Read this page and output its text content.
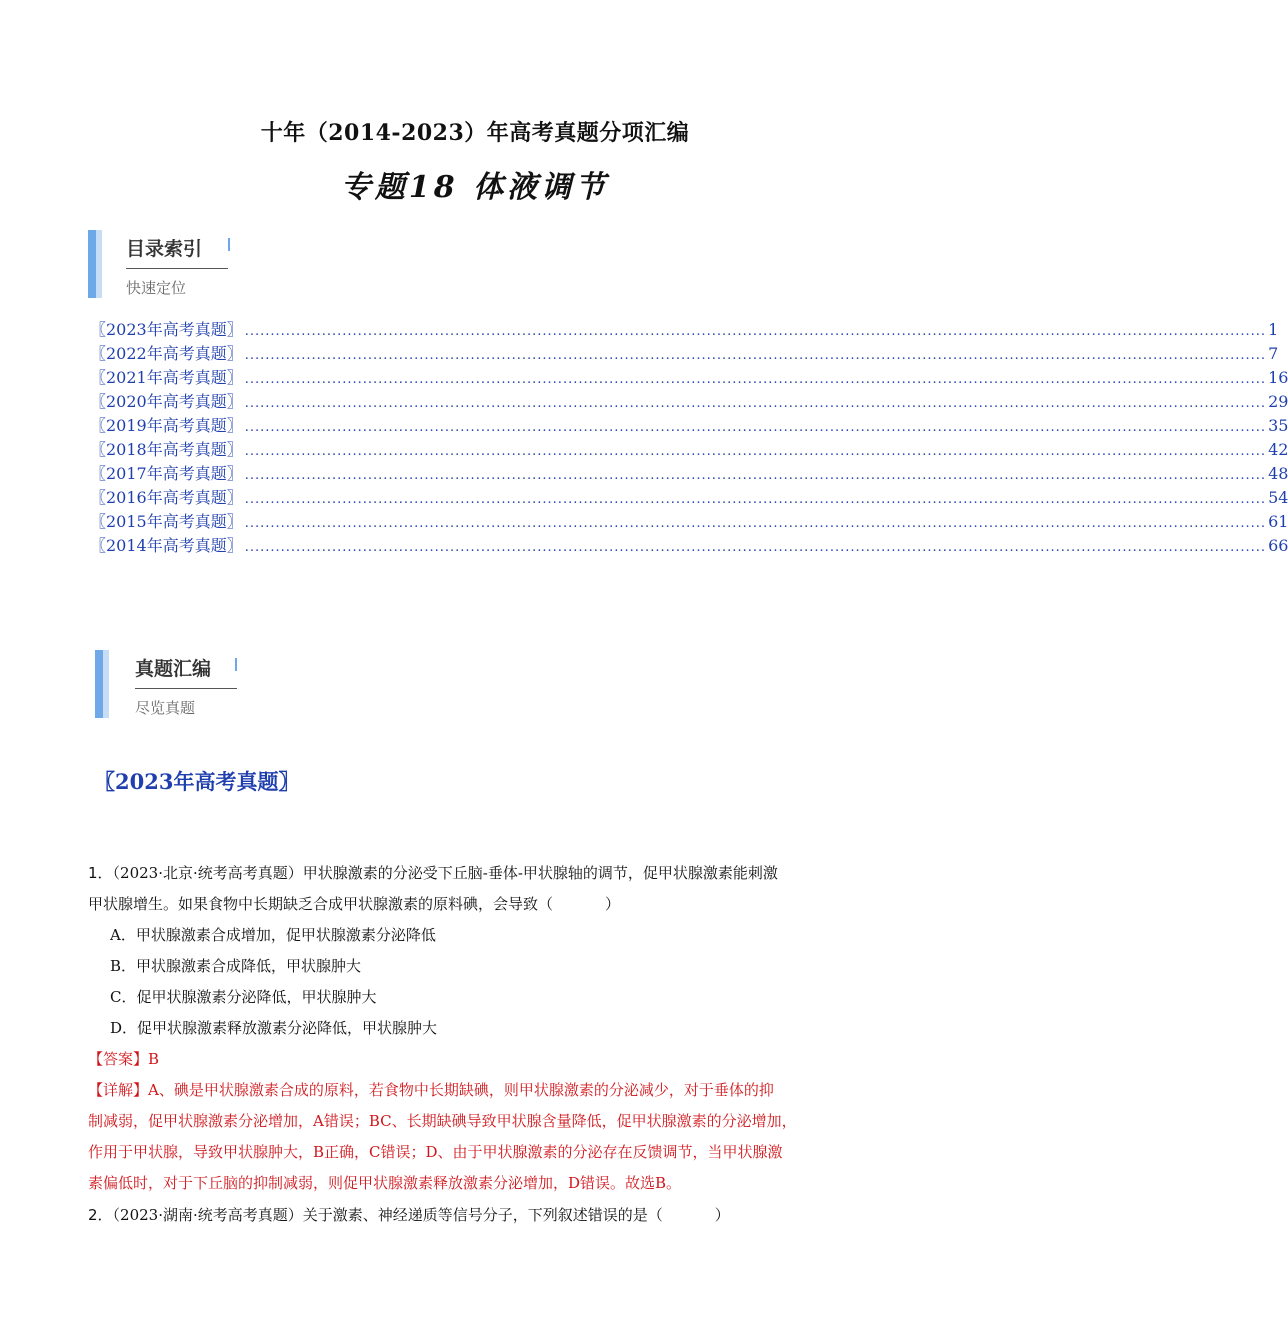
十年（2014-2023）年高考真题分项汇编
专题18 体液调节
目录索引
快速定位
〖2023年高考真题〗 ....................................................................................................................................................................................................... 1
〖2022年高考真题〗 ....................................................................................................................................................................................................... 7
〖2021年高考真题〗 ....................................................................................................................................................................................................... 16
〖2020年高考真题〗 ....................................................................................................................................................................................................... 29
〖2019年高考真题〗 ....................................................................................................................................................................................................... 35
〖2018年高考真题〗 ....................................................................................................................................................................................................... 42
〖2017年高考真题〗 ....................................................................................................................................................................................................... 48
〖2016年高考真题〗 ....................................................................................................................................................................................................... 54
〖2015年高考真题〗 ....................................................................................................................................................................................................... 61
〖2014年高考真题〗 ....................................................................................................................................................................................................... 66
真题汇编
尽览真题
〖2023年高考真题〗
1．（2023·北京·统考高考真题）甲状腺激素的分泌受下丘脑-垂体-甲状腺轴的调节，促甲状腺激素能刺激
甲状腺增生。如果食物中长期缺乏合成甲状腺激素的原料碘，会导致（	）
A．甲状腺激素合成增加，促甲状腺激素分泌降低
B．甲状腺激素合成降低，甲状腺肿大
C．促甲状腺激素分泌降低，甲状腺肿大
D．促甲状腺激素释放激素分泌降低，甲状腺肿大
【答案】B
【详解】A、碘是甲状腺激素合成的原料，若食物中长期缺碘，则甲状腺激素的分泌减少，对于垂体的抑
制减弱，促甲状腺激素分泌增加，A错误；BC、长期缺碘导致甲状腺含量降低，促甲状腺激素的分泌增加，
作用于甲状腺，导致甲状腺肿大，B正确，C错误；D、由于甲状腺激素的分泌存在反馈调节，当甲状腺激
素偏低时，对于下丘脑的抑制减弱，则促甲状腺激素释放激素分泌增加，D错误。故选B。
2．（2023·湖南·统考高考真题）关于激素、神经递质等信号分子，下列叙述错误的是（	）
